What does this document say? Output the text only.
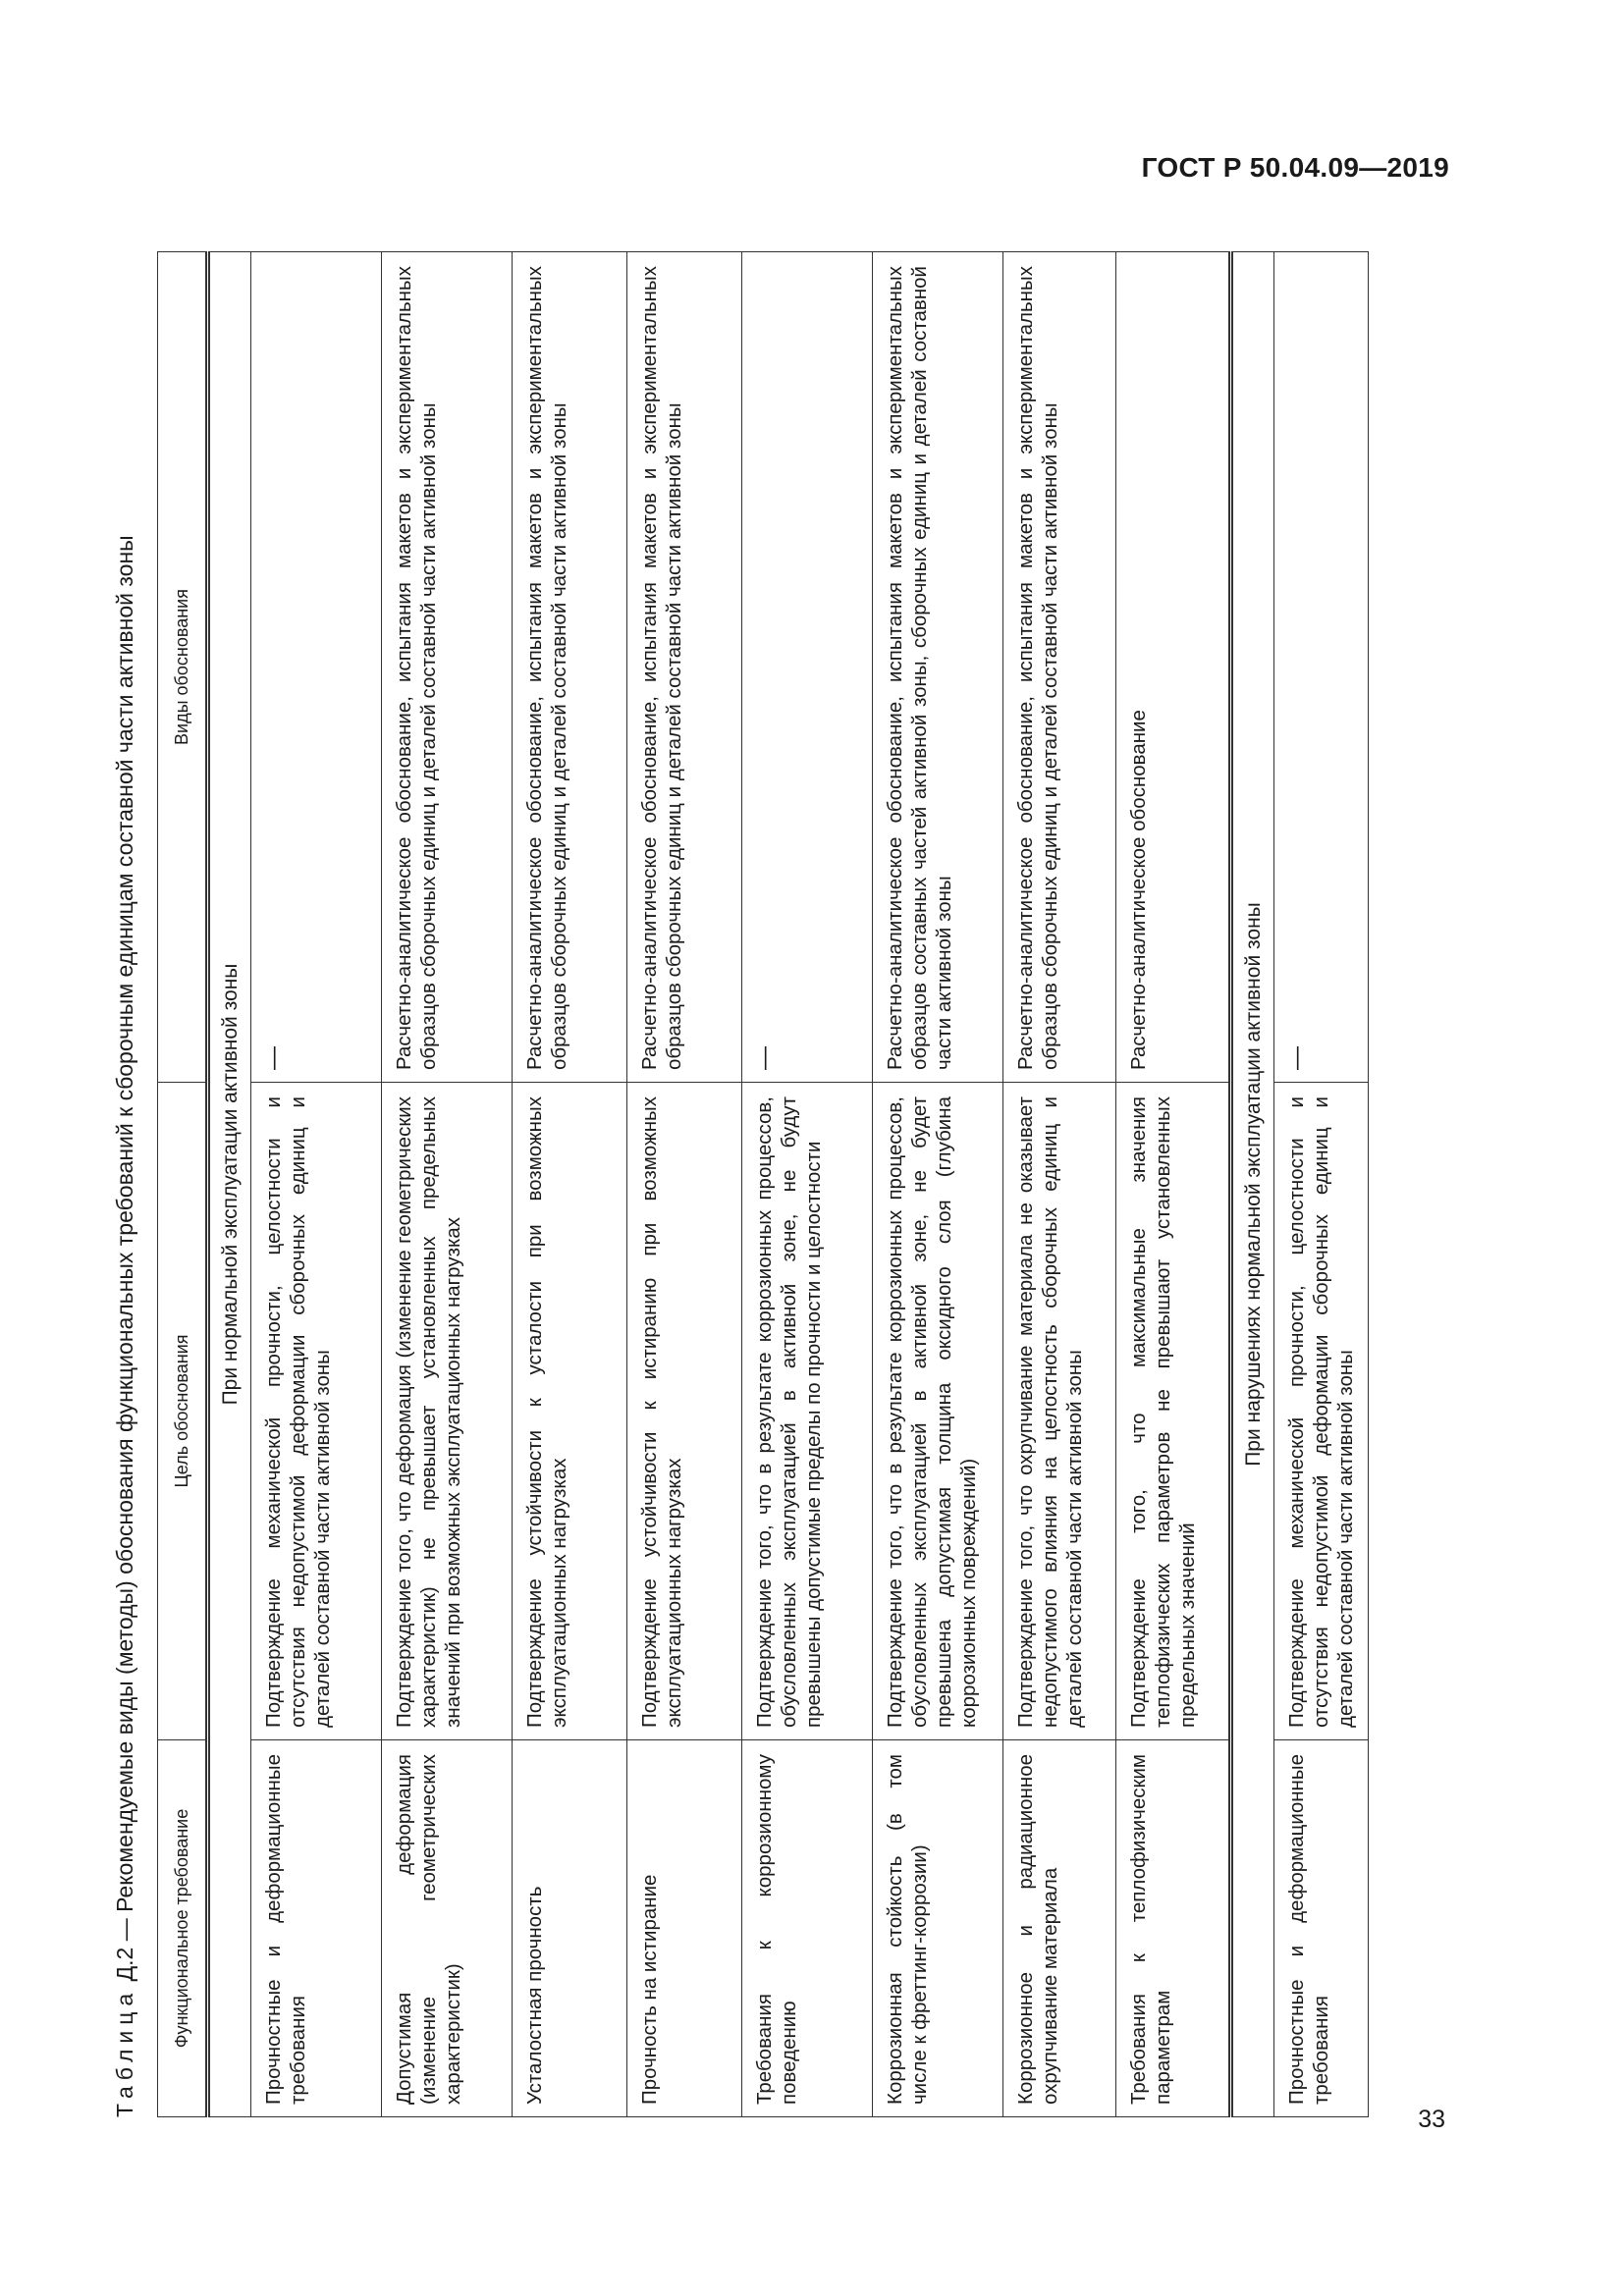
ГОСТ Р 50.04.09—2019
33
Таблица Д.2 — Рекомендуемые виды (методы) обоснования функциональных требований к сборочным единицам составной части активной зоны Функциональное требование	Цель обоснования	Виды обоснования
При нормальной эксплуатации активной зоны		
Прочностные и деформационные требования	Подтверждение механической прочности, целостности и отсутствия недопустимой деформации сборочных единиц и деталей составной части активной зоны	—
Допустимая деформация (изменение геометрических характеристик)	Подтверждение того, что деформация (изменение геометрических характеристик) не превышает установленных предельных значений при возможных эксплуатационных нагрузках	Расчетно-аналитическое обоснование, испытания макетов и экспериментальных образцов сборочных единиц и деталей составной части активной зоны
Усталостная прочность	Подтверждение устойчивости к усталости при возможных эксплуатационных нагрузках	Расчетно-аналитическое обоснование, испытания макетов и экспериментальных образцов сборочных единиц и деталей составной части активной зоны
Прочность на истирание	Подтверждение устойчивости к истиранию при возможных эксплуатационных нагрузках	Расчетно-аналитическое обоснование, испытания макетов и экспериментальных образцов сборочных единиц и деталей составной части активной зоны
Требования к коррозионному поведению	Подтверждение того, что в результате коррозионных процессов, обусловленных эксплуатацией в активной зоне, не будут превышены допустимые пределы по прочности и целостности	—
Коррозионная стойкость (в том числе к фреттинг-коррозии)	Подтверждение того, что в результате коррозионных процессов, обусловленных эксплуатацией в активной зоне, не будет превышена допустимая толщина оксидного слоя (глубина коррозионных повреждений)	Расчетно-аналитическое обоснование, испытания макетов и экспериментальных образцов составных частей активной зоны, сборочных единиц и деталей составной части активной зоны
Коррозионное и радиационное охрупчивание материала	Подтверждение того, что охрупчивание материала не оказывает недопустимого влияния на целостность сборочных единиц и деталей составной части активной зоны	Расчетно-аналитическое обоснование, испытания макетов и экспериментальных образцов сборочных единиц и деталей составной части активной зоны
Требования к теплофизическим параметрам	Подтверждение того, что максимальные значения теплофизических параметров не превышают установленных предельных значений	Расчетно-аналитическое обоснование
При нарушениях нормальной эксплуатации активной зоны		
Прочностные и деформационные требования	Подтверждение механической прочности, целостности и отсутствия недопустимой деформации сборочных единиц и деталей составной части активной зоны	—
